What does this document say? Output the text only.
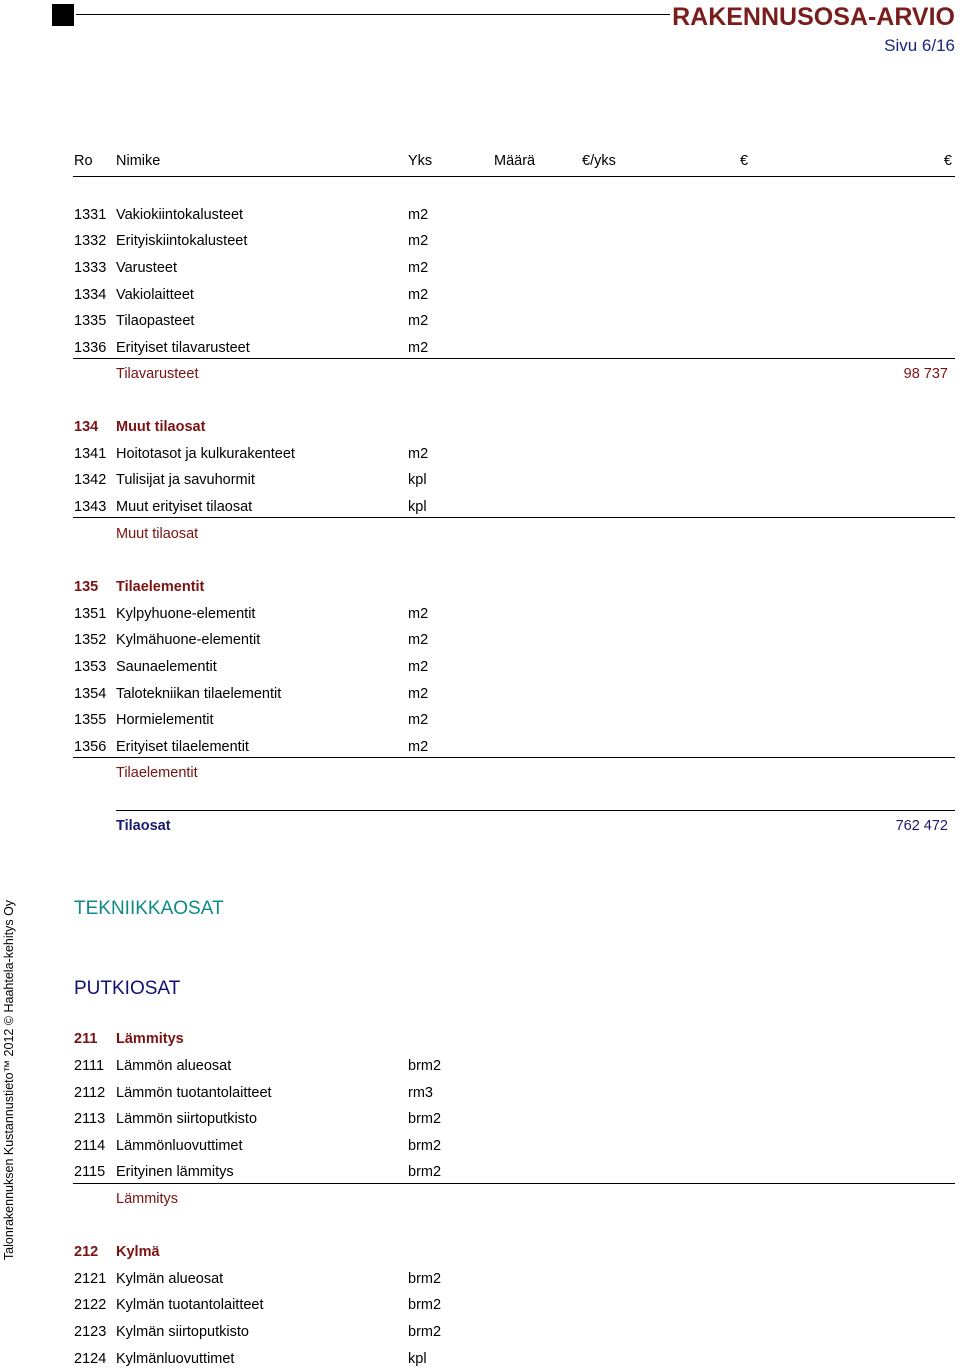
RAKENNUSOSA-ARVIO
Sivu 6/16
Ro Nimike	Yks	Määrä	€/yks	€	€
1331 Vakiokiintokalusteet	m2
1332 Erityiskiintokalusteet	m2
1333 Varusteet	m2
1334 Vakiolaitteet	m2
1335 Tilaopasteet	m2
1336 Erityiset tilavarusteet	m2
Tilavarusteet	98 737
134 Muut tilaosat
1341 Hoitotasot ja kulkurakenteet	m2
1342 Tulisijat ja savuhormit	kpl
1343 Muut erityiset tilaosat	kpl
Muut tilaosat
135 Tilaelementit
1351 Kylpyhuone-elementit	m2
1352 Kylmähuone-elementit	m2
1353 Saunaelementit	m2
1354 Talotekniikan tilaelementit	m2
1355 Hormielementit	m2
1356 Erityiset tilaelementit	m2
Tilaelementit
Tilaosat	762 472
TEKNIIKKAOSAT
PUTKIOSAT
211 Lämmitys
2111 Lämmön alueosat	brm2
2112 Lämmön tuotantolaitteet	rm3
2113 Lämmön siirtoputkisto	brm2
2114 Lämmönluovuttimet	brm2
2115 Erityinen lämmitys	brm2
Lämmitys
212 Kylmä
2121 Kylmän alueosat	brm2
2122 Kylmän tuotantolaitteet	brm2
2123 Kylmän siirtoputkisto	brm2
2124 Kylmänluovuttimet	kpl
Talonrakennuksen Kustannustieto™ 2012 © Haahtela-kehitys Oy
